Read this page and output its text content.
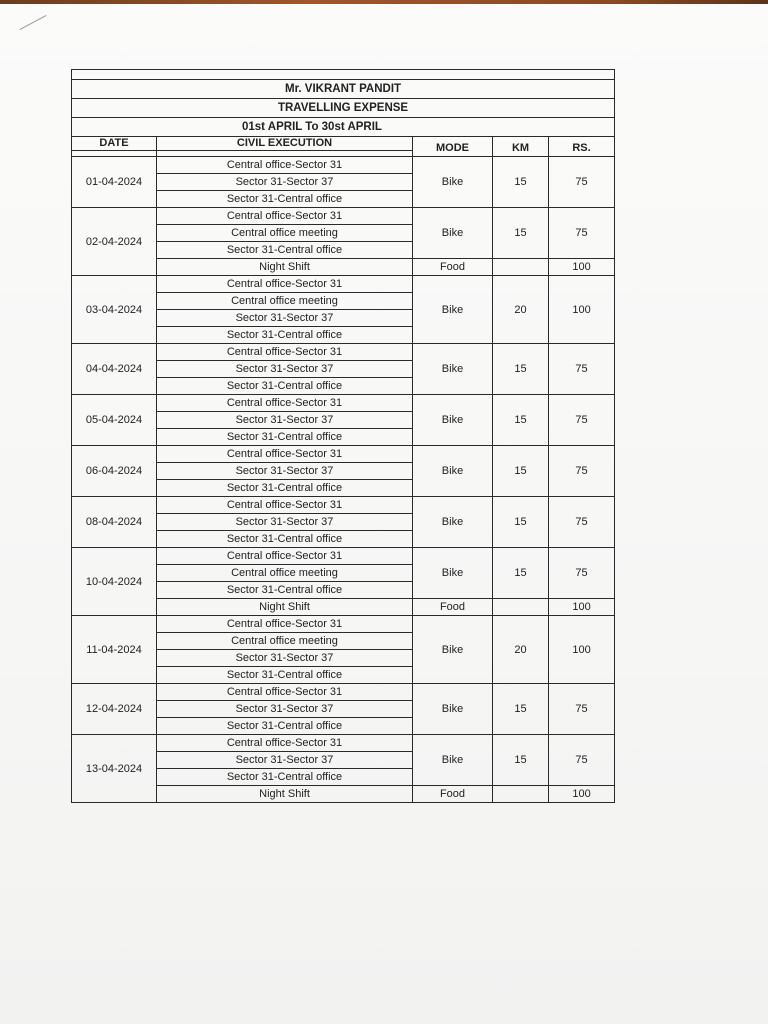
Mr. VIKRANT PANDIT				
TRAVELLING EXPENSE				
01st APRIL To 30st APRIL				
DATE	CIVIL EXECUTION	MODE	KM	RS.

01-04-2024	Central office-Sector 31	Bike	15	75
	Sector 31-Sector 37			
	Sector 31-Central office			
02-04-2024	Central office-Sector 31	Bike	15	75
	Central office meeting			
	Sector 31-Central office			
	Night Shift	Food		100
03-04-2024	Central office-Sector 31	Bike	20	100
	Central office meeting			
	Sector 31-Sector 37			
	Sector 31-Central office			
04-04-2024	Central office-Sector 31	Bike	15	75
	Sector 31-Sector 37			
	Sector 31-Central office			
05-04-2024	Central office-Sector 31	Bike	15	75
	Sector 31-Sector 37			
	Sector 31-Central office			
06-04-2024	Central office-Sector 31	Bike	15	75
	Sector 31-Sector 37			
	Sector 31-Central office			
08-04-2024	Central office-Sector 31	Bike	15	75
	Sector 31-Sector 37			
	Sector 31-Central office			
10-04-2024	Central office-Sector 31	Bike	15	75
	Central office meeting			
	Sector 31-Central office			
	Night Shift	Food		100
11-04-2024	Central office-Sector 31	Bike	20	100
	Central office meeting			
	Sector 31-Sector 37			
	Sector 31-Central office			
12-04-2024	Central office-Sector 31	Bike	15	75
	Sector 31-Sector 37			
	Sector 31-Central office			
13-04-2024	Central office-Sector 31	Bike	15	75
	Sector 31-Sector 37			
	Sector 31-Central office			
	Night Shift	Food		100
